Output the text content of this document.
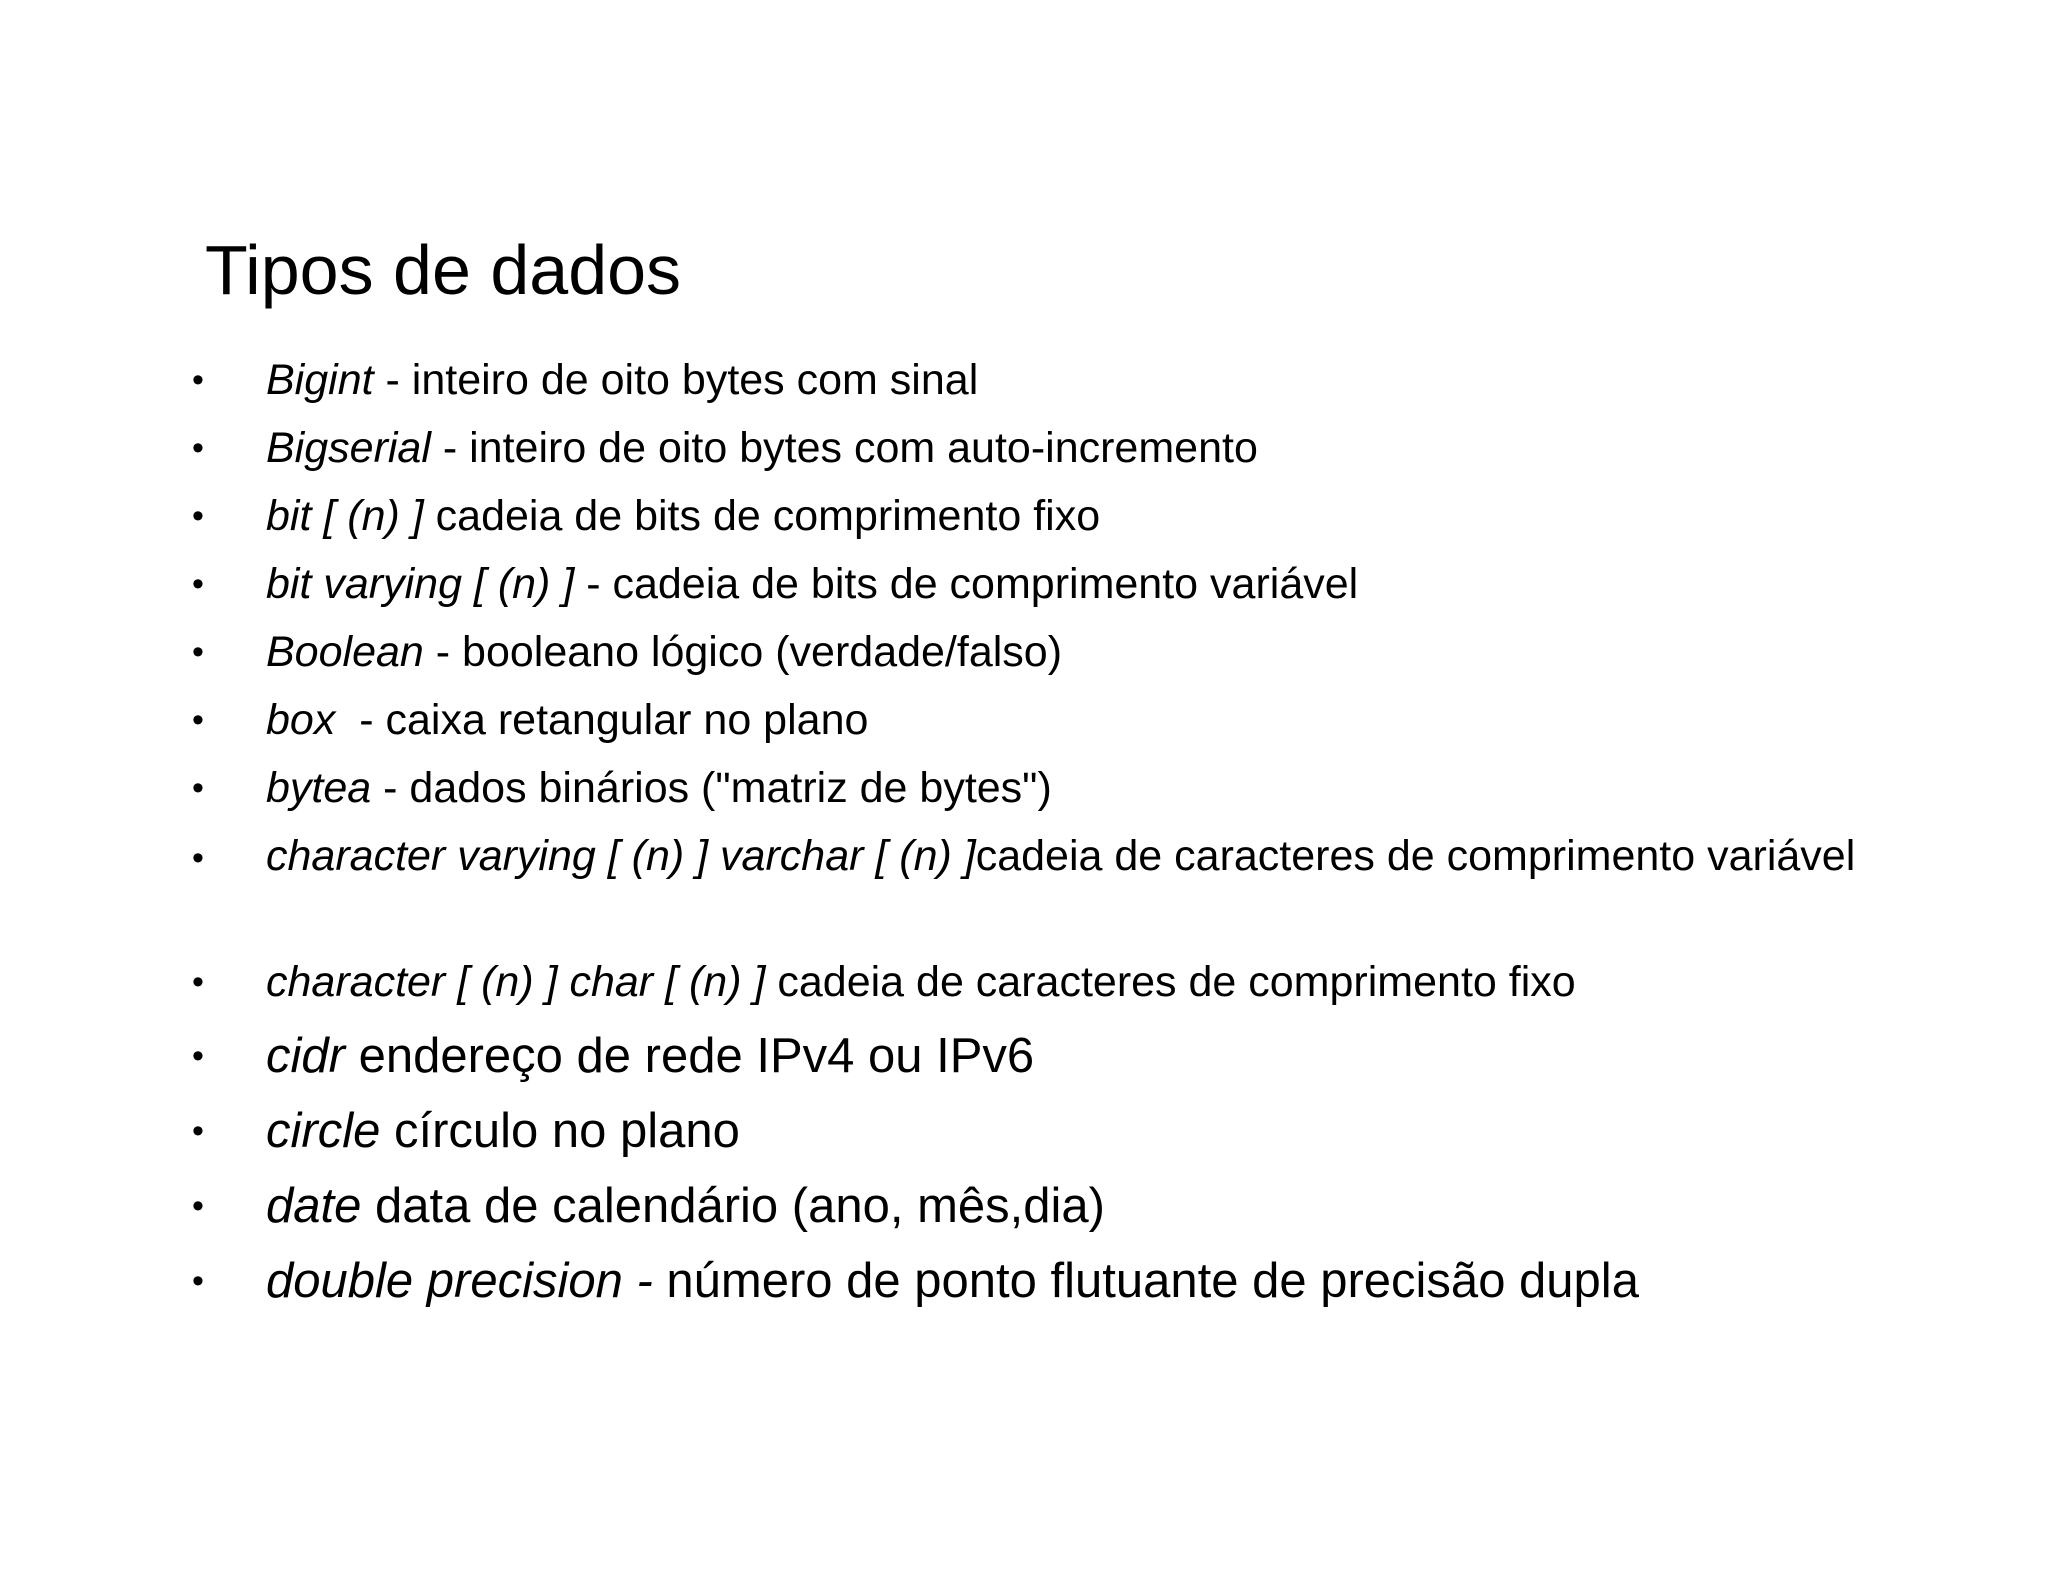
Tipos de dados
• Bigint - inteiro de oito bytes com sinal
• Bigserial - inteiro de oito bytes com auto-incremento
• bit [ (n) ] cadeia de bits de comprimento fixo
• bit varying [ (n) ] - cadeia de bits de comprimento variável
• Boolean - booleano lógico (verdade/falso)
• box  - caixa retangular no plano
• bytea - dados binários ("matriz de bytes")
• character varying [ (n) ] varchar [ (n) ]cadeia de caracteres de comprimento variável
• character [ (n) ] char [ (n) ] cadeia de caracteres de comprimento fixo
• cidr endereço de rede IPv4 ou IPv6
• circle círculo no plano
• date data de calendário (ano, mês,dia)
• double precision - número de ponto flutuante de precisão dupla
